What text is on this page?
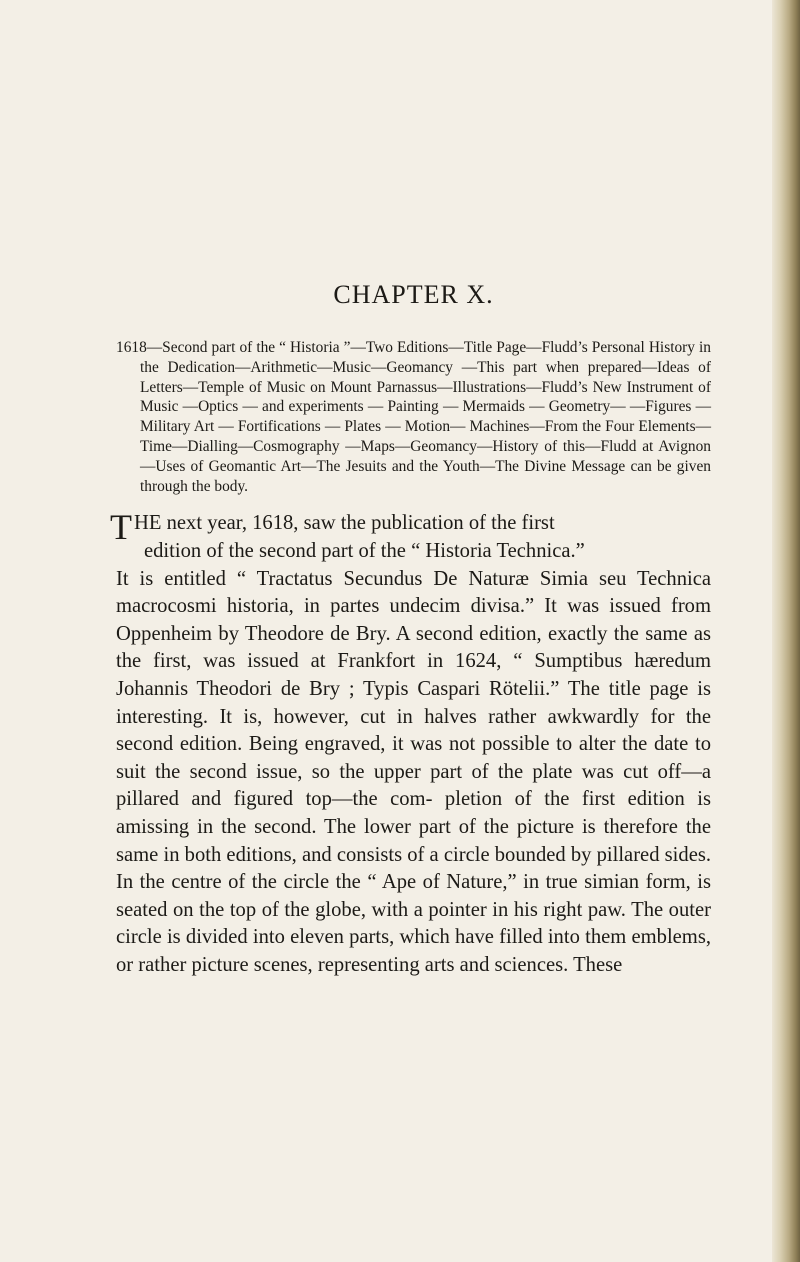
CHAPTER X.

1618—Second part of the “ Historia ”—Two Editions—Title Page—Fludd’s Personal History in the Dedication—Arithmetic—Music—Geomancy —This part when prepared—Ideas of Letters—Temple of Music on Mount Parnassus—Illustrations—Fludd’s New Instrument of Music —Optics — and experiments — Painting — Mermaids — Geometry— —Figures — Military Art — Fortifications — Plates — Motion— Machines—From the Four Elements—Time—Dialling—Cosmography —Maps—Geomancy—History of this—Fludd at Avignon—Uses of Geomantic Art—The Jesuits and the Youth—The Divine Message can be given through the body.

T HE next year, 1618, saw the publication of the first
edition of the second part of the “ Historia Technica.”
It is entitled “ Tractatus Secundus De Naturæ Simia seu Technica macrocosmi historia, in partes undecim divisa.” It was issued from Oppenheim by Theodore de Bry. A second edition, exactly the same as the first, was issued at Frankfort in 1624, “ Sumptibus hæredum Johannis Theodori de Bry ; Typis Caspari Rötelii.” The title page is interesting. It is, however, cut in halves rather awkwardly for the second edition. Being engraved, it was not possible to alter the date to suit the second issue, so the upper part of the plate was cut off—a pillared and figured top—the com- pletion of the first edition is amissing in the second. The lower part of the picture is therefore the same in both editions, and consists of a circle bounded by pillared sides. In the centre of the circle the “ Ape of Nature,” in true simian form, is seated on the top of the globe, with a pointer in his right paw. The outer circle is divided into eleven parts, which have filled into them emblems, or rather picture scenes, representing arts and sciences. These
